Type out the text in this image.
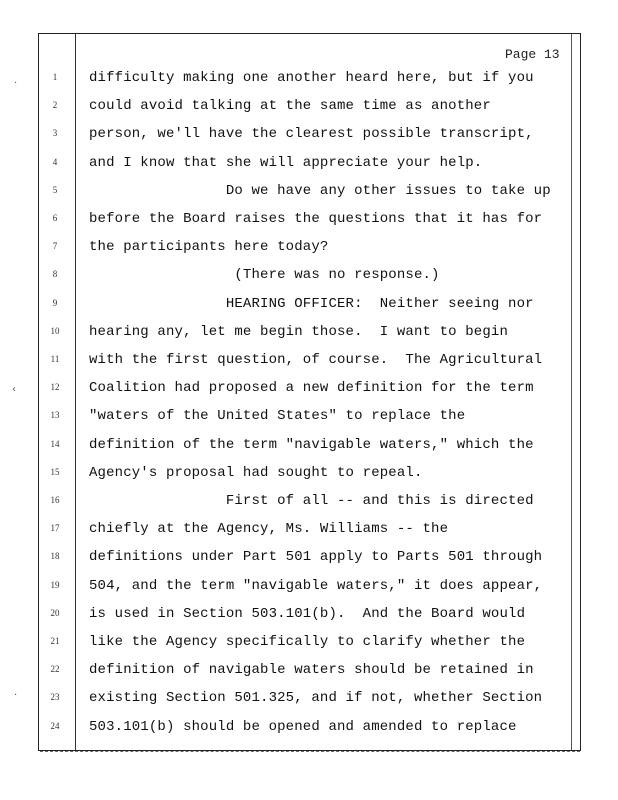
·
‹
·
Page 13
1	difficulty making one another heard here, but if you
2	could avoid talking at the same time as another
3	person, we'll have the clearest possible transcript,
4	and I know that she will appreciate your help.
5	Do we have any other issues to take up
6	before the Board raises the questions that it has for
7	the participants here today?
8	(There was no response.)
9	HEARING OFFICER:  Neither seeing nor
10	hearing any, let me begin those.  I want to begin
11	with the first question, of course.  The Agricultural
12	Coalition had proposed a new definition for the term
13	"waters of the United States" to replace the
14	definition of the term "navigable waters," which the
15	Agency's proposal had sought to repeal.
16	First of all -- and this is directed
17	chiefly at the Agency, Ms. Williams -- the
18	definitions under Part 501 apply to Parts 501 through
19	504, and the term "navigable waters," it does appear,
20	is used in Section 503.101(b).  And the Board would
21	like the Agency specifically to clarify whether the
22	definition of navigable waters should be retained in
23	existing Section 501.325, and if not, whether Section
24	503.101(b) should be opened and amended to replace
